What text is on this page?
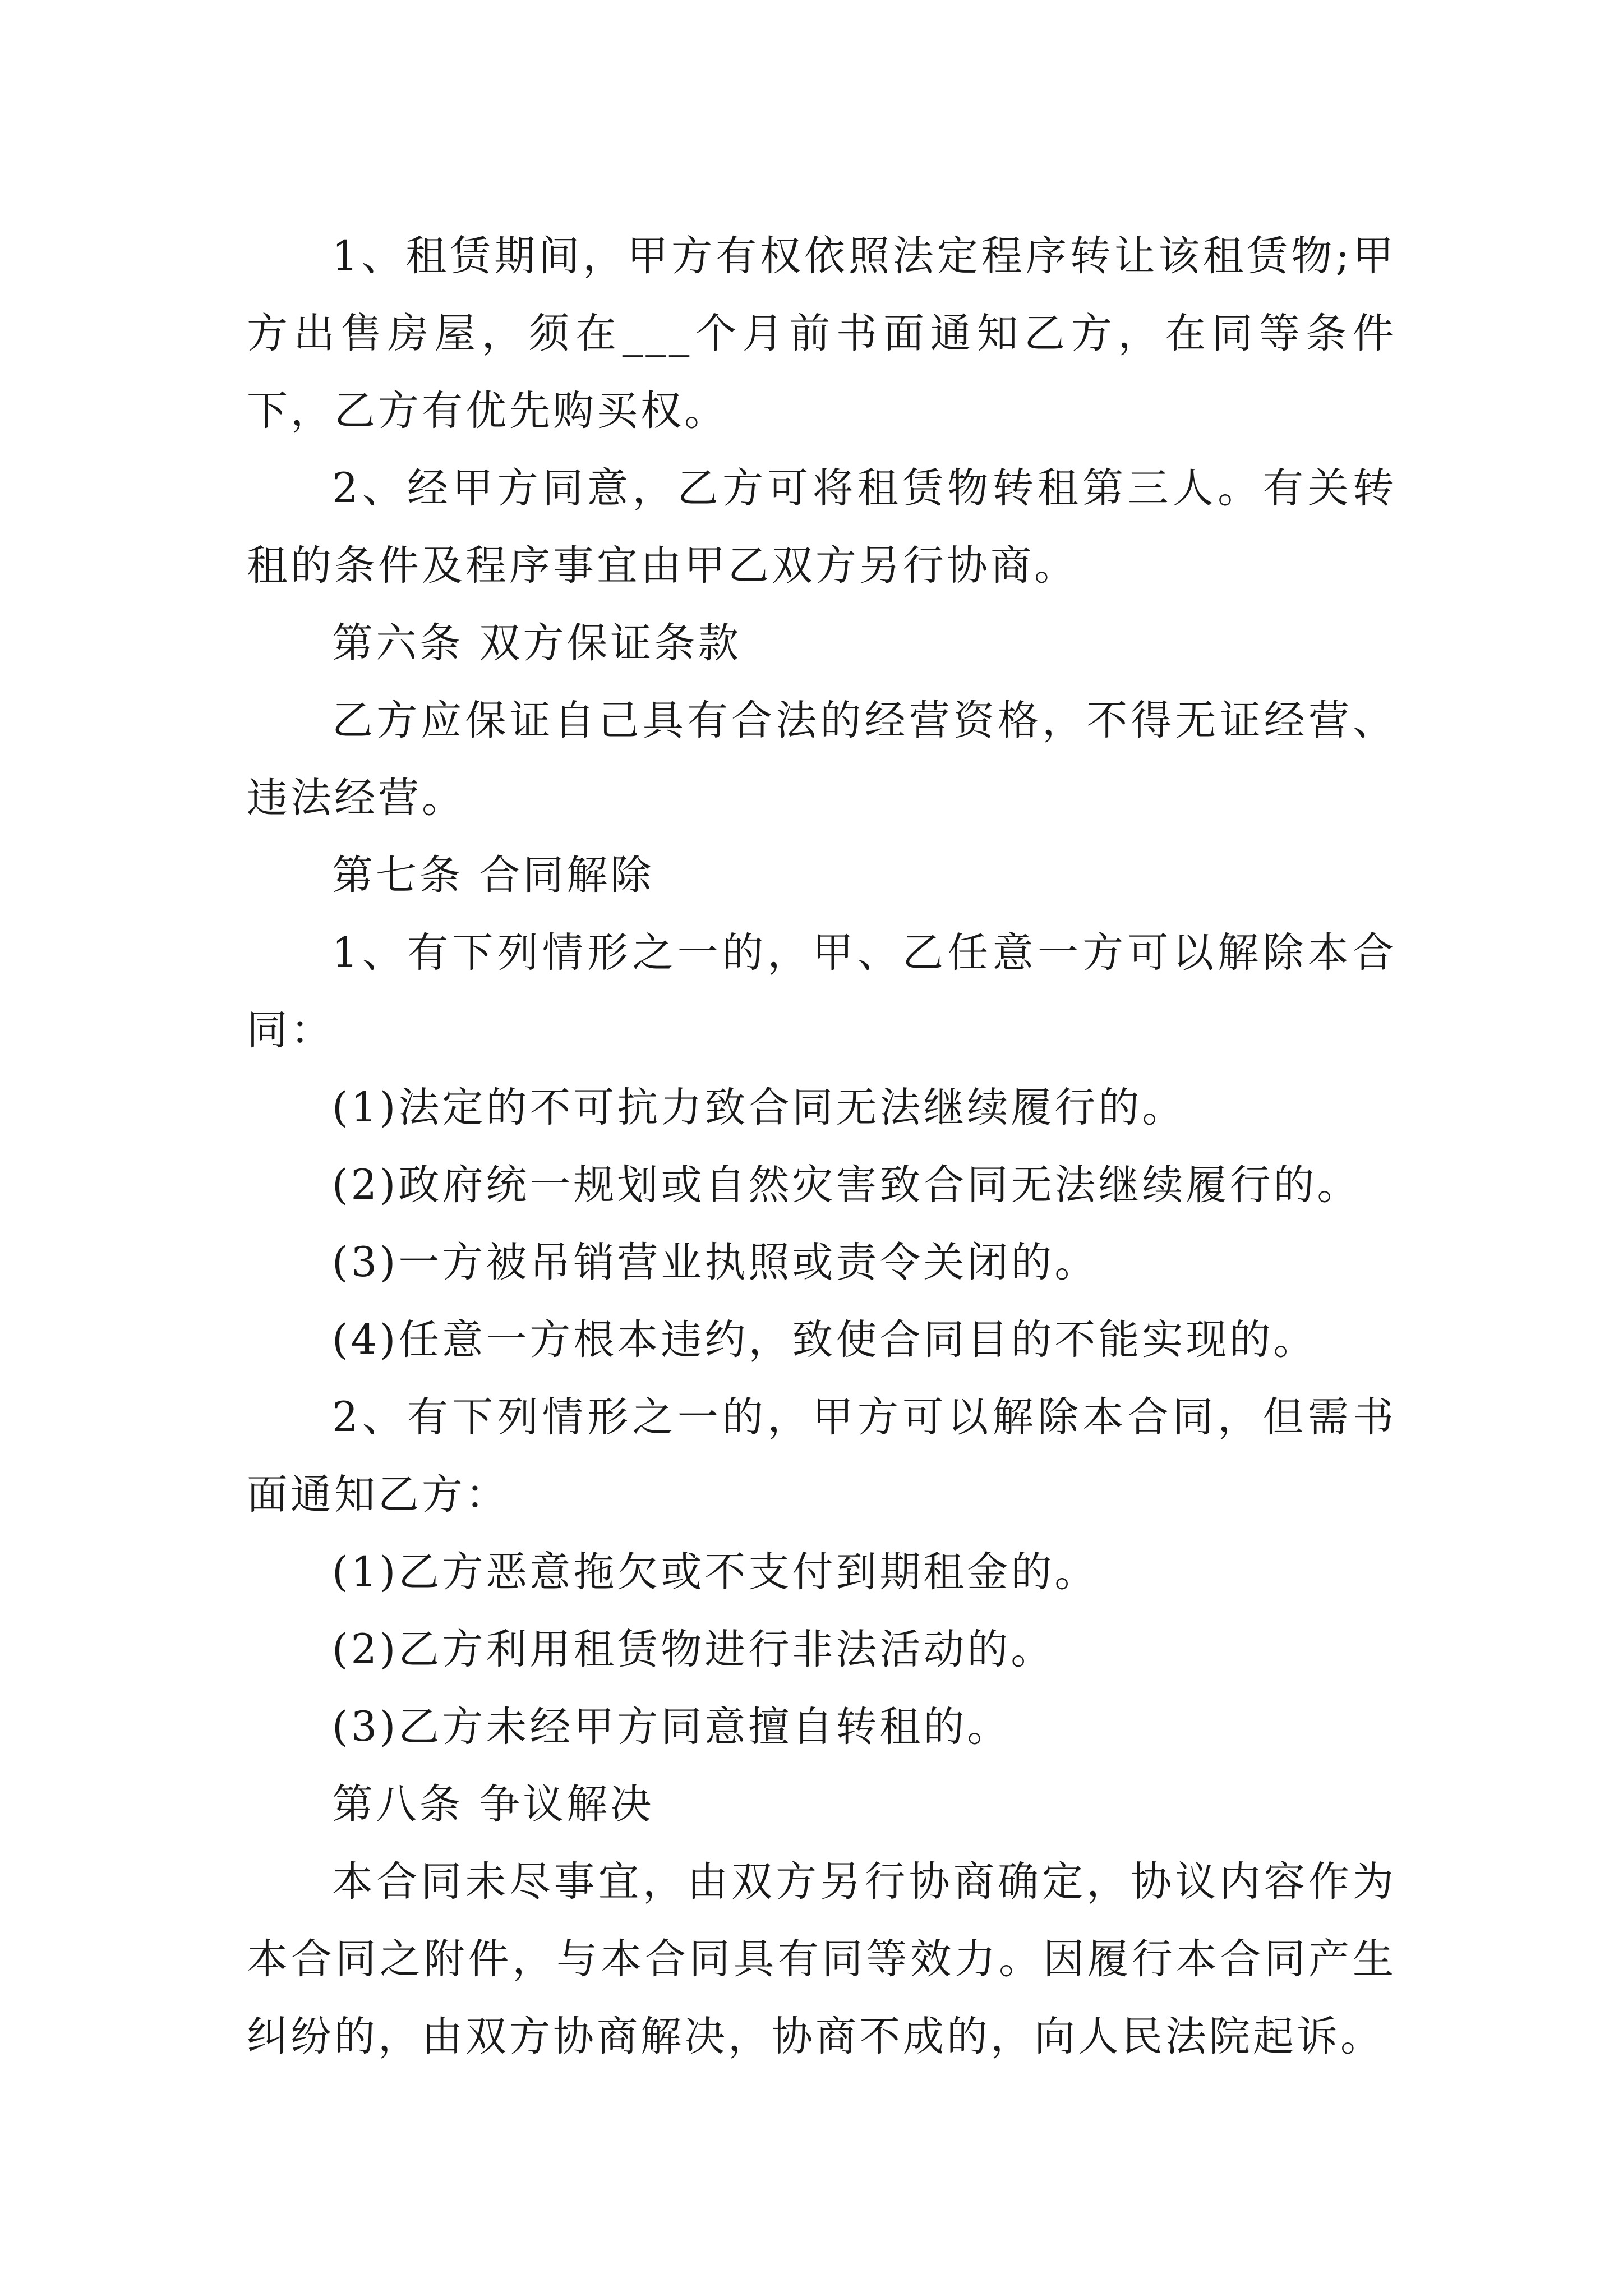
1、租赁期间，甲方有权依照法定程序转让该租赁物;甲方出售房屋，须在___个月前书面通知乙方，在同等条件下，乙方有优先购买权。

2、经甲方同意，乙方可将租赁物转租第三人。有关转租的条件及程序事宜由甲乙双方另行协商。

第六条 双方保证条款

乙方应保证自己具有合法的经营资格，不得无证经营、违法经营。

第七条 合同解除

1、有下列情形之一的，甲、乙任意一方可以解除本合同：

(1)法定的不可抗力致合同无法继续履行的。

(2)政府统一规划或自然灾害致合同无法继续履行的。

(3)一方被吊销营业执照或责令关闭的。

(4)任意一方根本违约，致使合同目的不能实现的。

2、有下列情形之一的，甲方可以解除本合同，但需书面通知乙方：

(1)乙方恶意拖欠或不支付到期租金的。

(2)乙方利用租赁物进行非法活动的。

(3)乙方未经甲方同意擅自转租的。

第八条 争议解决

本合同未尽事宜，由双方另行协商确定，协议内容作为本合同之附件，与本合同具有同等效力。因履行本合同产生纠纷的，由双方协商解决，协商不成的，向人民法院起诉。
